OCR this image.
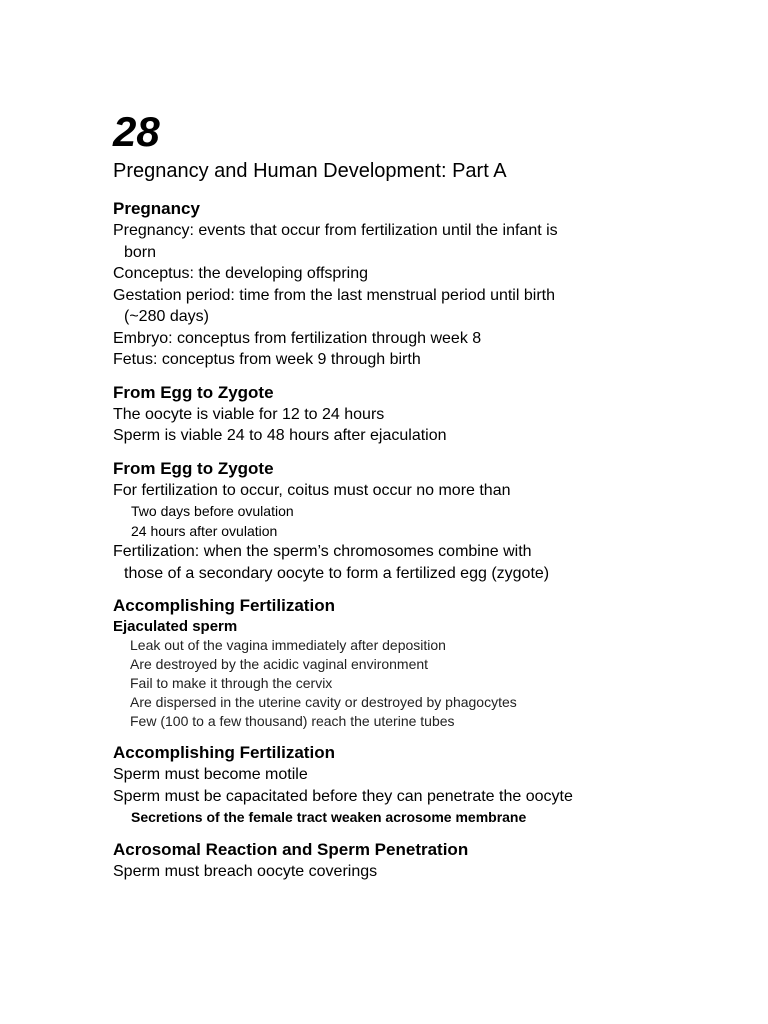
28
Pregnancy and Human Development: Part A
Pregnancy
Pregnancy: events that occur from fertilization until the infant is
born
Conceptus: the developing offspring
Gestation period: time from the last menstrual period until birth
(~280 days)
Embryo: conceptus from fertilization through week 8
Fetus: conceptus from week 9 through birth
From Egg to Zygote
The oocyte is viable for 12 to 24 hours
Sperm is viable 24 to 48 hours after ejaculation
From Egg to Zygote
For fertilization to occur, coitus must occur no more than
Two days before ovulation
24 hours after ovulation
Fertilization: when the sperm’s chromosomes combine with
those of a secondary oocyte to form a fertilized egg (zygote)
Accomplishing Fertilization
Ejaculated sperm
Leak out of the vagina immediately after deposition
Are destroyed by the acidic vaginal environment
Fail to make it through the cervix
Are dispersed in the uterine cavity or destroyed by phagocytes
Few (100 to a few thousand) reach the uterine tubes
Accomplishing Fertilization
Sperm must become motile
Sperm must be capacitated before they can penetrate the oocyte
Secretions of the female tract weaken acrosome membrane
Acrosomal Reaction and Sperm Penetration
Sperm must breach oocyte coverings
